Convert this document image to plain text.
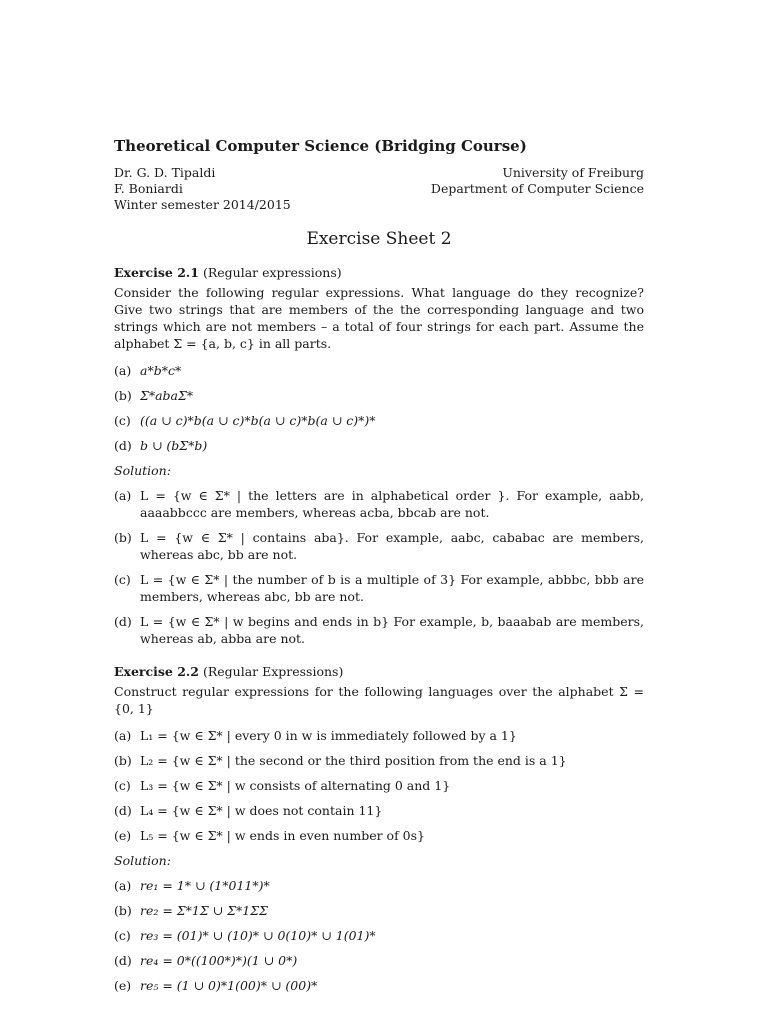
Theoretical Computer Science (Bridging Course)
Dr. G. D. Tipaldi
F. Boniardi
Winter semester 2014/2015
University of Freiburg
Department of Computer Science
Exercise Sheet 2
Exercise 2.1 (Regular expressions)
Consider the following regular expressions. What language do they recognize? Give two strings that are members of the the corresponding language and two strings which are not members – a total of four strings for each part. Assume the alphabet Σ = {a, b, c} in all parts.
(a) a*b*c*
(b) Σ*abaΣ*
(c) ((a ∪ c)*b(a ∪ c)*b(a ∪ c)*b(a ∪ c)*)*
(d) b ∪ (bΣ*b)
Solution:
(a) L = {w ∈ Σ* | the letters are in alphabetical order }. For example, aabb, aaaabbccc are members, whereas acba, bbcab are not.
(b) L = {w ∈ Σ* | contains aba}. For example, aabc, cababac are members, whereas abc, bb are not.
(c) L = {w ∈ Σ* | the number of b is a multiple of 3} For example, abbbc, bbb are members, whereas abc, bb are not.
(d) L = {w ∈ Σ* | w begins and ends in b} For example, b, baaabab are members, whereas ab, abba are not.
Exercise 2.2 (Regular Expressions)
Construct regular expressions for the following languages over the alphabet Σ = {0, 1}
(a) L₁ = {w ∈ Σ* | every 0 in w is immediately followed by a 1}
(b) L₂ = {w ∈ Σ* | the second or the third position from the end is a 1}
(c) L₃ = {w ∈ Σ* | w consists of alternating 0 and 1}
(d) L₄ = {w ∈ Σ* | w does not contain 11}
(e) L₅ = {w ∈ Σ* | w ends in even number of 0s}
Solution:
(a) re₁ = 1* ∪ (1*011*)*
(b) re₂ = Σ*1Σ ∪ Σ*1ΣΣ
(c) re₃ = (01)* ∪ (10)* ∪ 0(10)* ∪ 1(01)*
(d) re₄ = 0*((100*)*)(1 ∪ 0*)
(e) re₅ = (1 ∪ 0)*1(00)* ∪ (00)*
